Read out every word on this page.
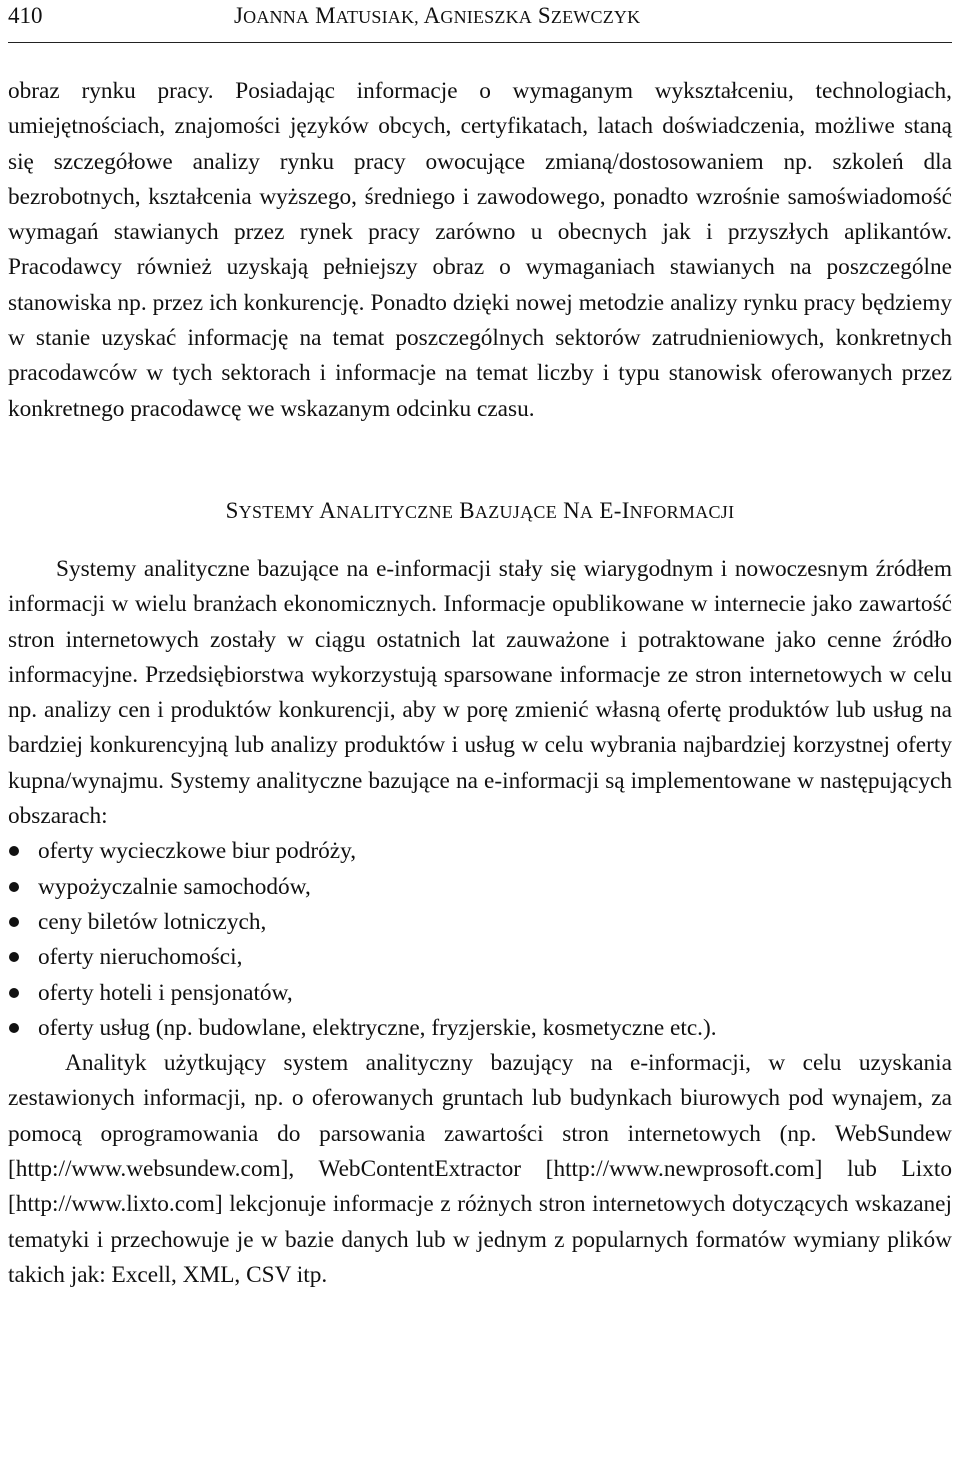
410	JOANNA MATUSIAK, AGNIESZKA SZEWCZYK

obraz rynku pracy. Posiadając informacje o wymaganym wykształceniu, technologiach, umiejętnościach, znajomości języków obcych, certyfikatach, latach doświadczenia, możliwe staną się szczegółowe analizy rynku pracy owocujące zmianą/dostosowaniem np. szkoleń dla bezrobotnych, kształcenia wyższego, średniego i zawodowego, ponadto wzrośnie samoświadomość wymagań stawianych przez rynek pracy zarówno u obecnych jak i przyszłych aplikantów. Pracodawcy również uzyskają pełniejszy obraz o wymaganiach stawianych na poszczególne stanowiska np. przez ich konkurencję. Ponadto dzięki nowej metodzie analizy rynku pracy będziemy w stanie uzyskać informację na temat poszczególnych sektorów zatrudnieniowych, konkretnych pracodawców w tych sektorach i informacje na temat liczby i typu stanowisk oferowanych przez konkretnego pracodawcę we wskazanym odcinku czasu.

SYSTEMY ANALITYCZNE BAZUJĄCE NA E-INFORMACJI

Systemy analityczne bazujące na e-informacji stały się wiarygodnym i nowoczesnym źródłem informacji w wielu branżach ekonomicznych. Informacje opublikowane w internecie jako zawartość stron internetowych zostały w ciągu ostatnich lat zauważone i potraktowane jako cenne źródło informacyjne. Przedsiębiorstwa wykorzystują sparsowane informacje ze stron internetowych w celu np. analizy cen i produktów konkurencji, aby w porę zmienić własną ofertę produktów lub usług na bardziej konkurencyjną lub analizy produktów i usług w celu wybrania najbardziej korzystnej oferty kupna/wynajmu. Systemy analityczne bazujące na e-informacji są implementowane w następujących obszarach:

oferty wycieczkowe biur podróży,
wypożyczalnie samochodów,
ceny biletów lotniczych,
oferty nieruchomości,
oferty hoteli i pensjonatów,
oferty usług (np. budowlane, elektryczne, fryzjerskie, kosmetyczne etc.).

Analityk użytkujący system analityczny bazujący na e-informacji, w celu uzyskania zestawionych informacji, np. o oferowanych gruntach lub budynkach biurowych pod wynajem, za pomocą oprogramowania do parsowania zawartości stron internetowych (np. WebSundew [http://www.websundew.com], WebContentExtractor [http://www.newprosoft.com] lub Lixto [http://www.lixto.com] lekcjonuje informacje z różnych stron internetowych dotyczących wskazanej tematyki i przechowuje je w bazie danych lub w jednym z popularnych formatów wymiany plików takich jak: Excell, XML, CSV itp.
